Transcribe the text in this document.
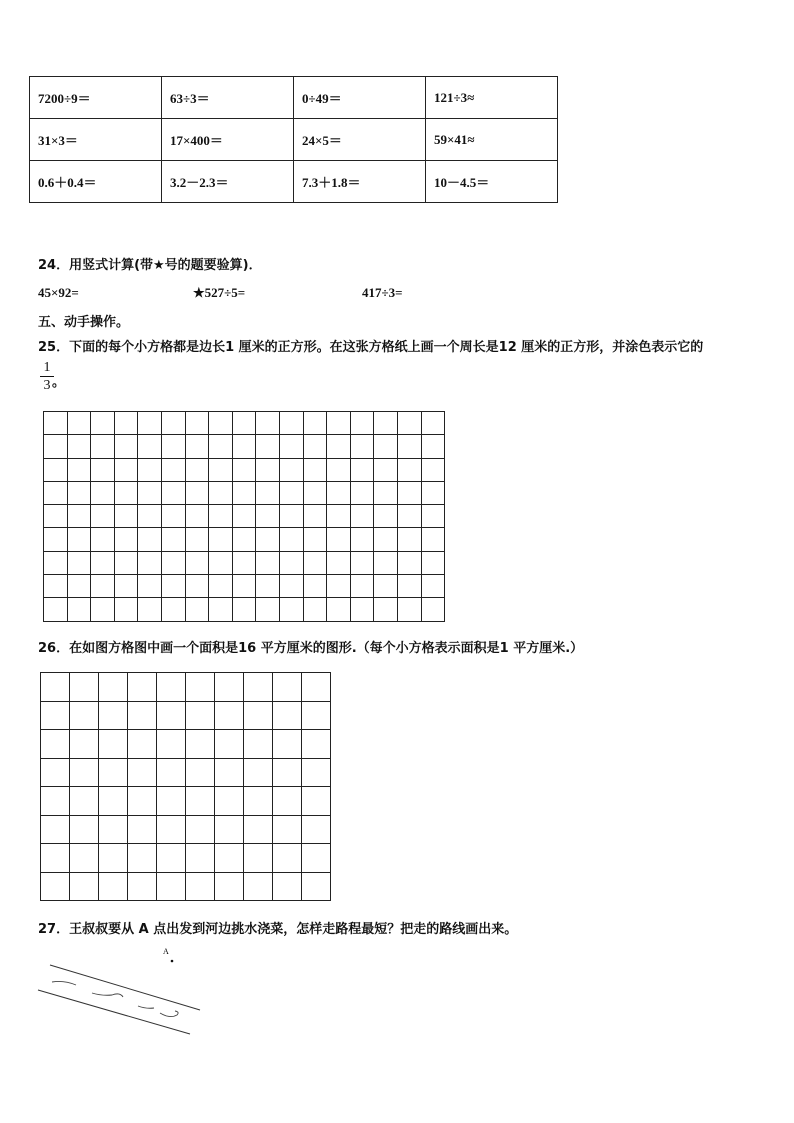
7200÷9＝	63÷3＝	0÷49＝	121÷3≈
31×3＝	17×400＝	24×5＝	59×41≈
0.6＋0.4＝	3.2－2.3＝	7.3＋1.8＝	10－4.5＝
24．用竖式计算(带★号的题要验算)．
45×92=	★527÷5=	417÷3=
五、动手操作。
25．下面的每个小方格都是边长1 厘米的正方形。在这张方格纸上画一个周长是12 厘米的正方形，并涂色表示它的
1
3 。

26．在如图方格图中画一个面积是16 平方厘米的图形.（每个小方格表示面积是1 平方厘米.）

27．王叔叔要从 A 点出发到河边挑水浇菜，怎样走路程最短？把走的路线画出来。
A
